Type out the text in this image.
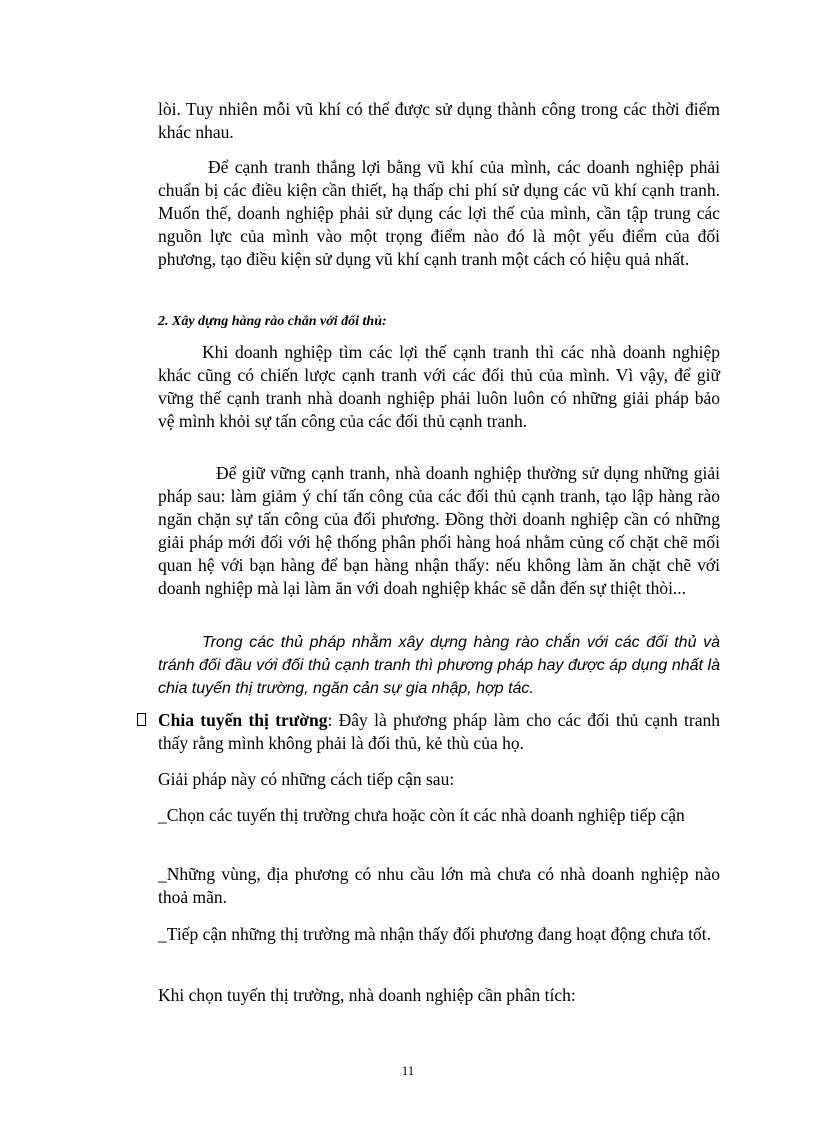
lòi. Tuy nhiên mỗi vũ khí có thể được sử dụng thành công trong các thời điểm khác nhau.

Để cạnh tranh thắng lợi bằng vũ khí của mình, các doanh nghiệp phải chuẩn bị các điều kiện cần thiết, hạ thấp chi phí sử dụng các vũ khí cạnh tranh. Muốn thế, doanh nghiệp phải sử dụng các lợi thế của mình, cần tập trung các nguồn lực của mình vào một trọng điểm nào đó là một yếu điểm của đối phương, tạo điều kiện sử dụng vũ khí cạnh tranh một cách có hiệu quả nhất.

2. Xây dựng hàng rào chắn với đối thủ:

Khi doanh nghiệp tìm các lợi thế cạnh tranh thì các nhà doanh nghiệp khác cũng có chiến lược cạnh tranh với các đối thủ của mình. Vì vậy, để giữ vững thế cạnh tranh nhà doanh nghiệp phải luôn luôn có những giải pháp bảo vệ mình khỏi sự tấn công của các đối thủ cạnh tranh.

Để giữ vững cạnh tranh, nhà doanh nghiệp thường sử dụng những giải pháp sau: làm giảm ý chí tấn công của các đối thủ cạnh tranh, tạo lập hàng rào ngăn chặn sự tấn công của đối phương. Đồng thời doanh nghiệp cần có những giải pháp mới đối với hệ thống phân phối hàng hoá nhằm củng cố chặt chẽ mối quan hệ với bạn hàng để bạn hàng nhận thấy: nếu không làm ăn chặt chẽ với doanh nghiệp mà lại làm ăn với doah nghiệp khác sẽ dẫn đến sự thiệt thòi...

Trong các thủ pháp nhằm xây dựng hàng rào chắn với các đối thủ và tránh đối đầu với đối thủ cạnh tranh thì phương pháp hay được áp dụng nhất là chia tuyến thị trường, ngăn cản sự gia nhập, hợp tác.

Chia tuyến thị trường: Đây là phương pháp làm cho các đối thủ cạnh tranh thấy rằng mình không phải là đối thủ, kẻ thù của họ.

Giải pháp này có những cách tiếp cận sau:

_Chọn các tuyến thị trường chưa hoặc còn ít các nhà doanh nghiệp tiếp cận

_Những vùng, địa phương có nhu cầu lớn mà chưa có nhà doanh nghiệp nào thoả mãn.

_Tiếp cận những thị trường mà nhận thấy đối phương đang hoạt động chưa tốt.

Khi chọn tuyến thị trường, nhà doanh nghiệp cần phân tích:

11
